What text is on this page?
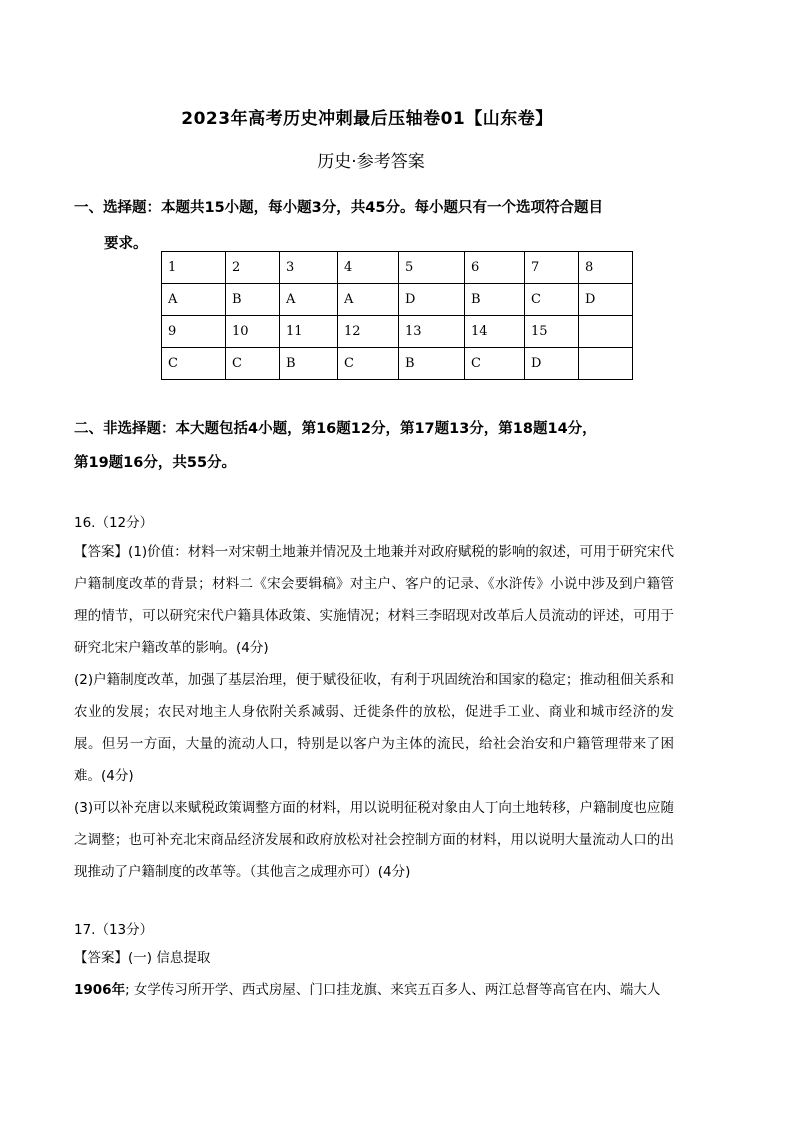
2023年高考历史冲刺最后压轴卷01【山东卷】
历史·参考答案
一、选择题：本题共15小题，每小题3分，共45分。每小题只有一个选项符合题目
要求。
1	2	3	4	5	6	7	8
A	B	A	A	D	B	C	D
9	10	11	12	13	14	15	
C	C	B	C	B	C	D	
二、非选择题：本大题包括4小题，第16题12分，第17题13分，第18题14分，
第19题16分，共55分。
16.（12分）

【答案】(1)价值：材料一对宋朝土地兼并情况及土地兼并对政府赋税的影响的叙述，可用于研究宋代户籍制度改革的背景；材料二《宋会要辑稿》对主户、客户的记录、《水浒传》小说中涉及到户籍管理的情节，可以研究宋代户籍具体政策、实施情况；材料三李昭现对改革后人员流动的评述，可用于研究北宋户籍改革的影响。(4分)

(2)户籍制度改革，加强了基层治理，便于赋役征收，有利于巩固统治和国家的稳定；推动租佃关系和农业的发展；农民对地主人身依附关系减弱、迁徙条件的放松，促进手工业、商业和城市经济的发展。但另一方面，大量的流动人口，特别是以客户为主体的流民，给社会治安和户籍管理带来了困难。(4分)

(3)可以补充唐以来赋税政策调整方面的材料，用以说明征税对象由人丁向土地转移，户籍制度也应随之调整；也可补充北宋商品经济发展和政府放松对社会控制方面的材料，用以说明大量流动人口的出现推动了户籍制度的改革等。（其他言之成理亦可）(4分)

17.（13分）

【答案】(一) 信息提取

1906年; 女学传习所开学、西式房屋、门口挂龙旗、来宾五百多人、两江总督等高官在内、端大人
